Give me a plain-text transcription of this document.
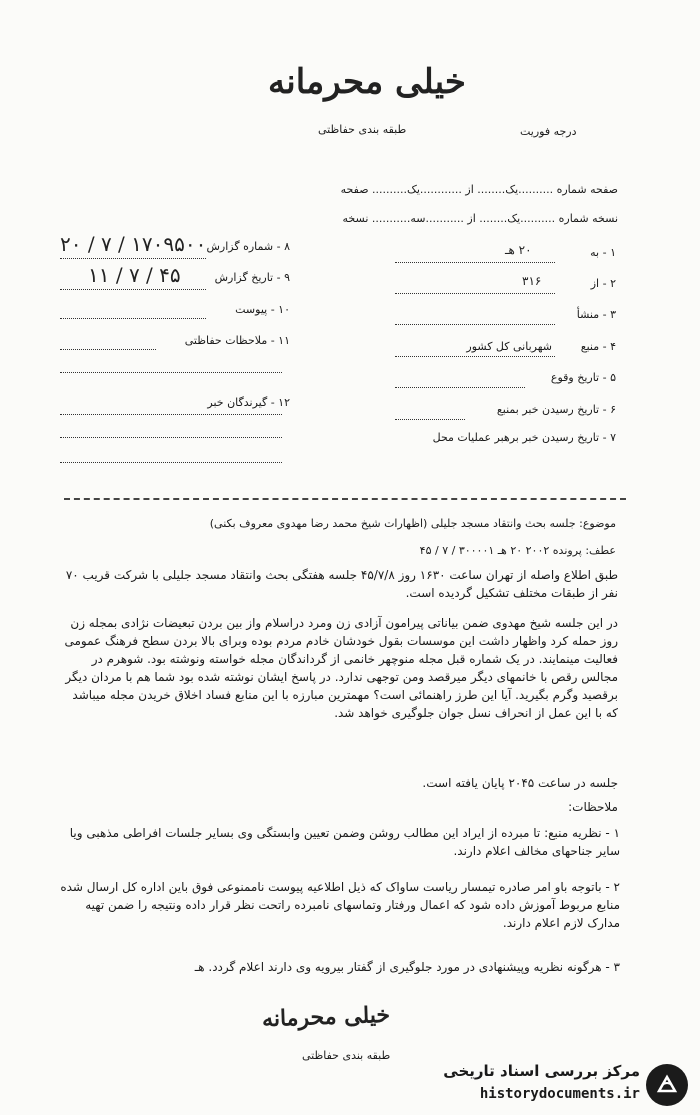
خیلی محرمانه
طبقه بندی حفاظتی	درجه فوریت
صفحه شماره ..........یک........ از ............یک.......... صفحه
نسخه شماره ..........یک........ از ...........سه........... نسخه
۸ - شماره گزارش
۱۷۰۹۵۰۰ / ۷ / ۲۰
۹ - تاریخ گزارش
۴۵ / ۷ / ۱۱
۱۰ - پیوست
۱۱ - ملاحظات حفاظتی
۱۲ - گیرندگان خبر
۱ - به
۲۰ هـ
۲ - از
۳۱۶
۳ - منشأ
۴ - منبع
شهربانی کل کشور
۵ - تاریخ وقوع
۶ - تاریخ رسیدن خبر بمنبع
۷ - تاریخ رسیدن خبر برهبر عملیات محل
موضوع: جلسه بحث وانتقاد مسجد جلیلی (اظهارات شیخ محمد رضا مهدوی معروف بکنی)
عطف: پرونده ۲۰۰۲ ۲۰ هـ ۳۰۰۰۰۱ / ۷ / ۴۵
طبق اطلاع واصله از تهران ساعت ۱۶۳۰ روز ۴۵/۷/۸ جلسه هفتگی بحث وانتقاد مسجد جلیلی با شرکت قریب ۷۰ نفر از طبقات مختلف تشکیل گردیده است.
در این جلسه شیخ مهدوی ضمن بیاناتی پیرامون آزادی زن ومرد دراسلام واز بین بردن تبعیضات نژادی بمجله زن روز حمله کرد واظهار داشت این موسسات بقول خودشان خادم مردم بوده وبرای بالا بردن سطح فرهنگ عمومی فعالیت مینمایند. در یک شماره قبل مجله منوچهر خانمی از گرداندگان مجله خواسته ونوشته بود. شوهرم در مجالس رقص با خانمهای دیگر میرقصد ومن توجهی ندارد. در پاسخ ایشان نوشته شده بود شما هم با مردان دیگر برقصید وگرم بگیرید. آیا این طرز راهنمائی است؟ مهمترین مبارزه با این منابع فساد اخلاق خریدن مجله میباشد که با این عمل از انحراف نسل جوان جلوگیری خواهد شد.
جلسه در ساعت ۲۰۴۵ پایان یافته است.
ملاحظات:
۱ - نظریه منبع: تا مبرده از ایراد این مطالب روشن وضمن تعیین وابستگی وی بسایر جلسات افراطی مذهبی ویا سایر جناحهای مخالف اعلام دارند.
۲ - باتوجه باو امر صادره تیمسار ریاست ساواک که ذیل اطلاعیه پیوست ناممنوعی فوق باین اداره کل ارسال شده منابع مربوط آموزش داده شود که اعمال ورفتار وتماسهای نامبرده راتحت نظر قرار داده ونتیجه را ضمن تهیه مدارک لازم اعلام دارند.
۳ - هرگونه نظریه وپیشنهادی در مورد جلوگیری از گفتار بیرویه وی دارند اعلام گردد. هـ
خیلی محرمانه
طبقه بندی حفاظتی
مرکز بررسی اسناد تاریخی
historydocuments.ir
